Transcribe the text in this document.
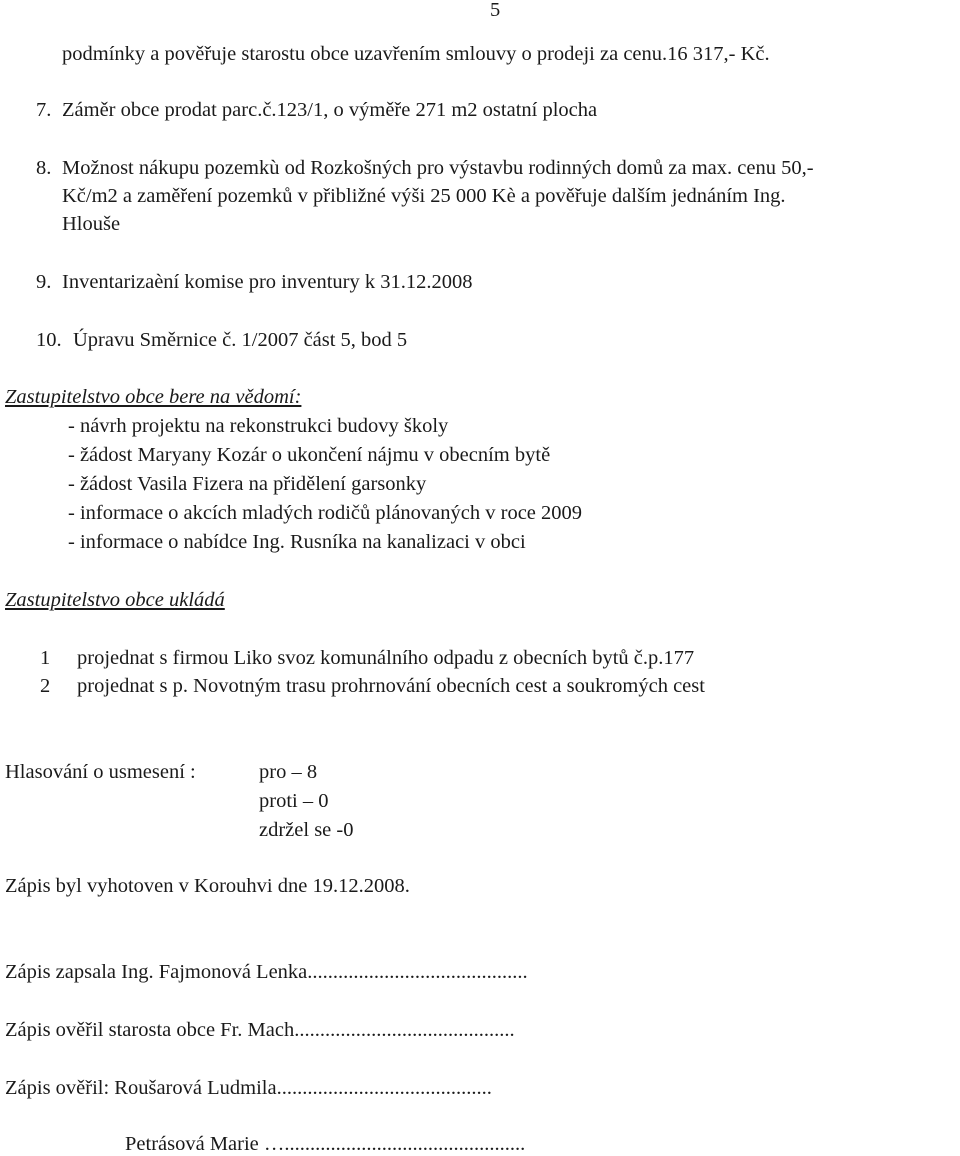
5
podmínky a pověřuje starostu obce uzavřením smlouvy o prodeji za cenu.16 317,- Kč.
7. Záměr obce prodat parc.č.123/1, o výměře 271 m2 ostatní plocha
8. Možnost nákupu pozemkù od Rozkošných pro výstavbu rodinných domů za max. cenu 50,-
Kč/m2 a zaměření pozemků v přibližné výši 25 000 Kè a pověřuje dalším jednáním Ing.
Hlouše
9. Inventarizaèní komise pro inventury k 31.12.2008
10. Úpravu Směrnice č. 1/2007 část 5, bod 5
Zastupitelstvo obce bere na vědomí:
- návrh projektu na rekonstrukci budovy školy
- žádost Maryany Kozár o ukončení nájmu v obecním bytě
- žádost Vasila Fizera na přidělení garsonky
- informace o akcích mladých rodičů plánovaných v roce 2009
- informace o nabídce Ing. Rusníka na kanalizaci v obci
Zastupitelstvo obce ukládá
1 projednat s firmou Liko svoz komunálního odpadu z obecních bytů č.p.177
2 projednat s p. Novotným trasu prohrnování obecních cest a soukromých cest
Hlasování o usmesení :	pro – 8
proti – 0
zdržel se -0
Zápis byl vyhotoven v Korouhvi dne 19.12.2008.
Zápis zapsala Ing. Fajmonová Lenka...........................................
Zápis ověřil starosta obce Fr. Mach...........................................
Zápis ověřil: Roušarová Ludmila..........................................
Petrásová Marie …...............................................
